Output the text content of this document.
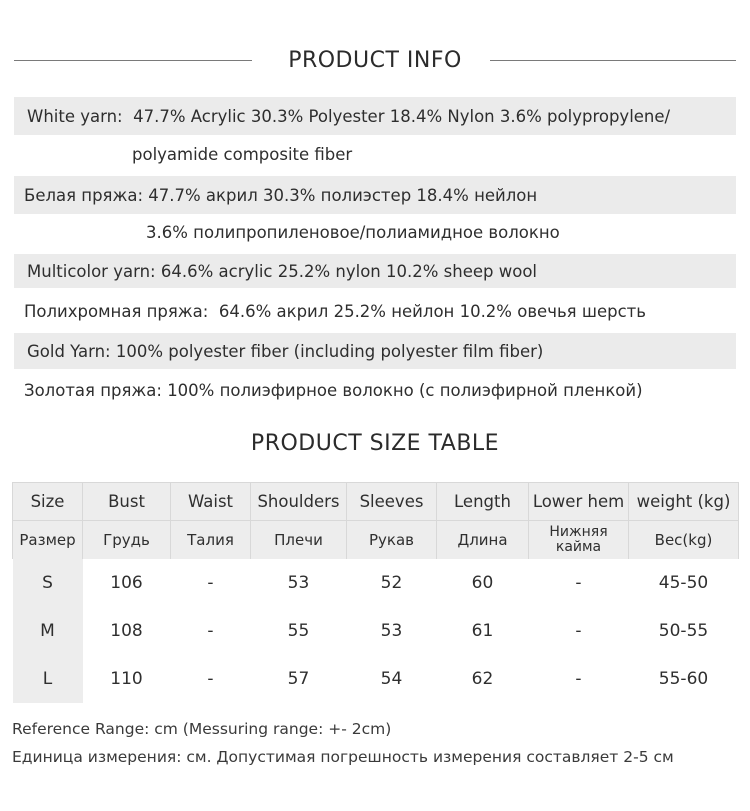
PRODUCT INFO
White yarn: 47.7% Acrylic 30.3% Polyester 18.4% Nylon 3.6% polypropylene/
polyamide composite fiber
Белая пряжа: 47.7% акрил 30.3% полиэстер 18.4% нейлон
3.6% полипропиленовое/полиамидное волокно
Multicolor yarn: 64.6% acrylic 25.2% nylon 10.2% sheep wool
Полихромная пряжа: 64.6% акрил 25.2% нейлон 10.2% овечья шерсть
Gold Yarn: 100% polyester fiber (including polyester film fiber)
Золотая пряжа: 100% полиэфирное волокно (с полиэфирной пленкой)
PRODUCT SIZE TABLE
Size	Bust	Waist	Shoulders	Sleeves	Length	Lower hem	weight (kg)
Размер	Грудь	Талия	Плечи	Рукав	Длина	Нижняя кайма	Вес(kg)
S	106	-	53	52	60	-	45-50
M	108	-	55	53	61	-	50-55
L	110	-	57	54	62	-	55-60
Reference Range: cm (Messuring range: +- 2cm)
Единица измерения: см. Допустимая погрешность измерения составляет 2-5 см
